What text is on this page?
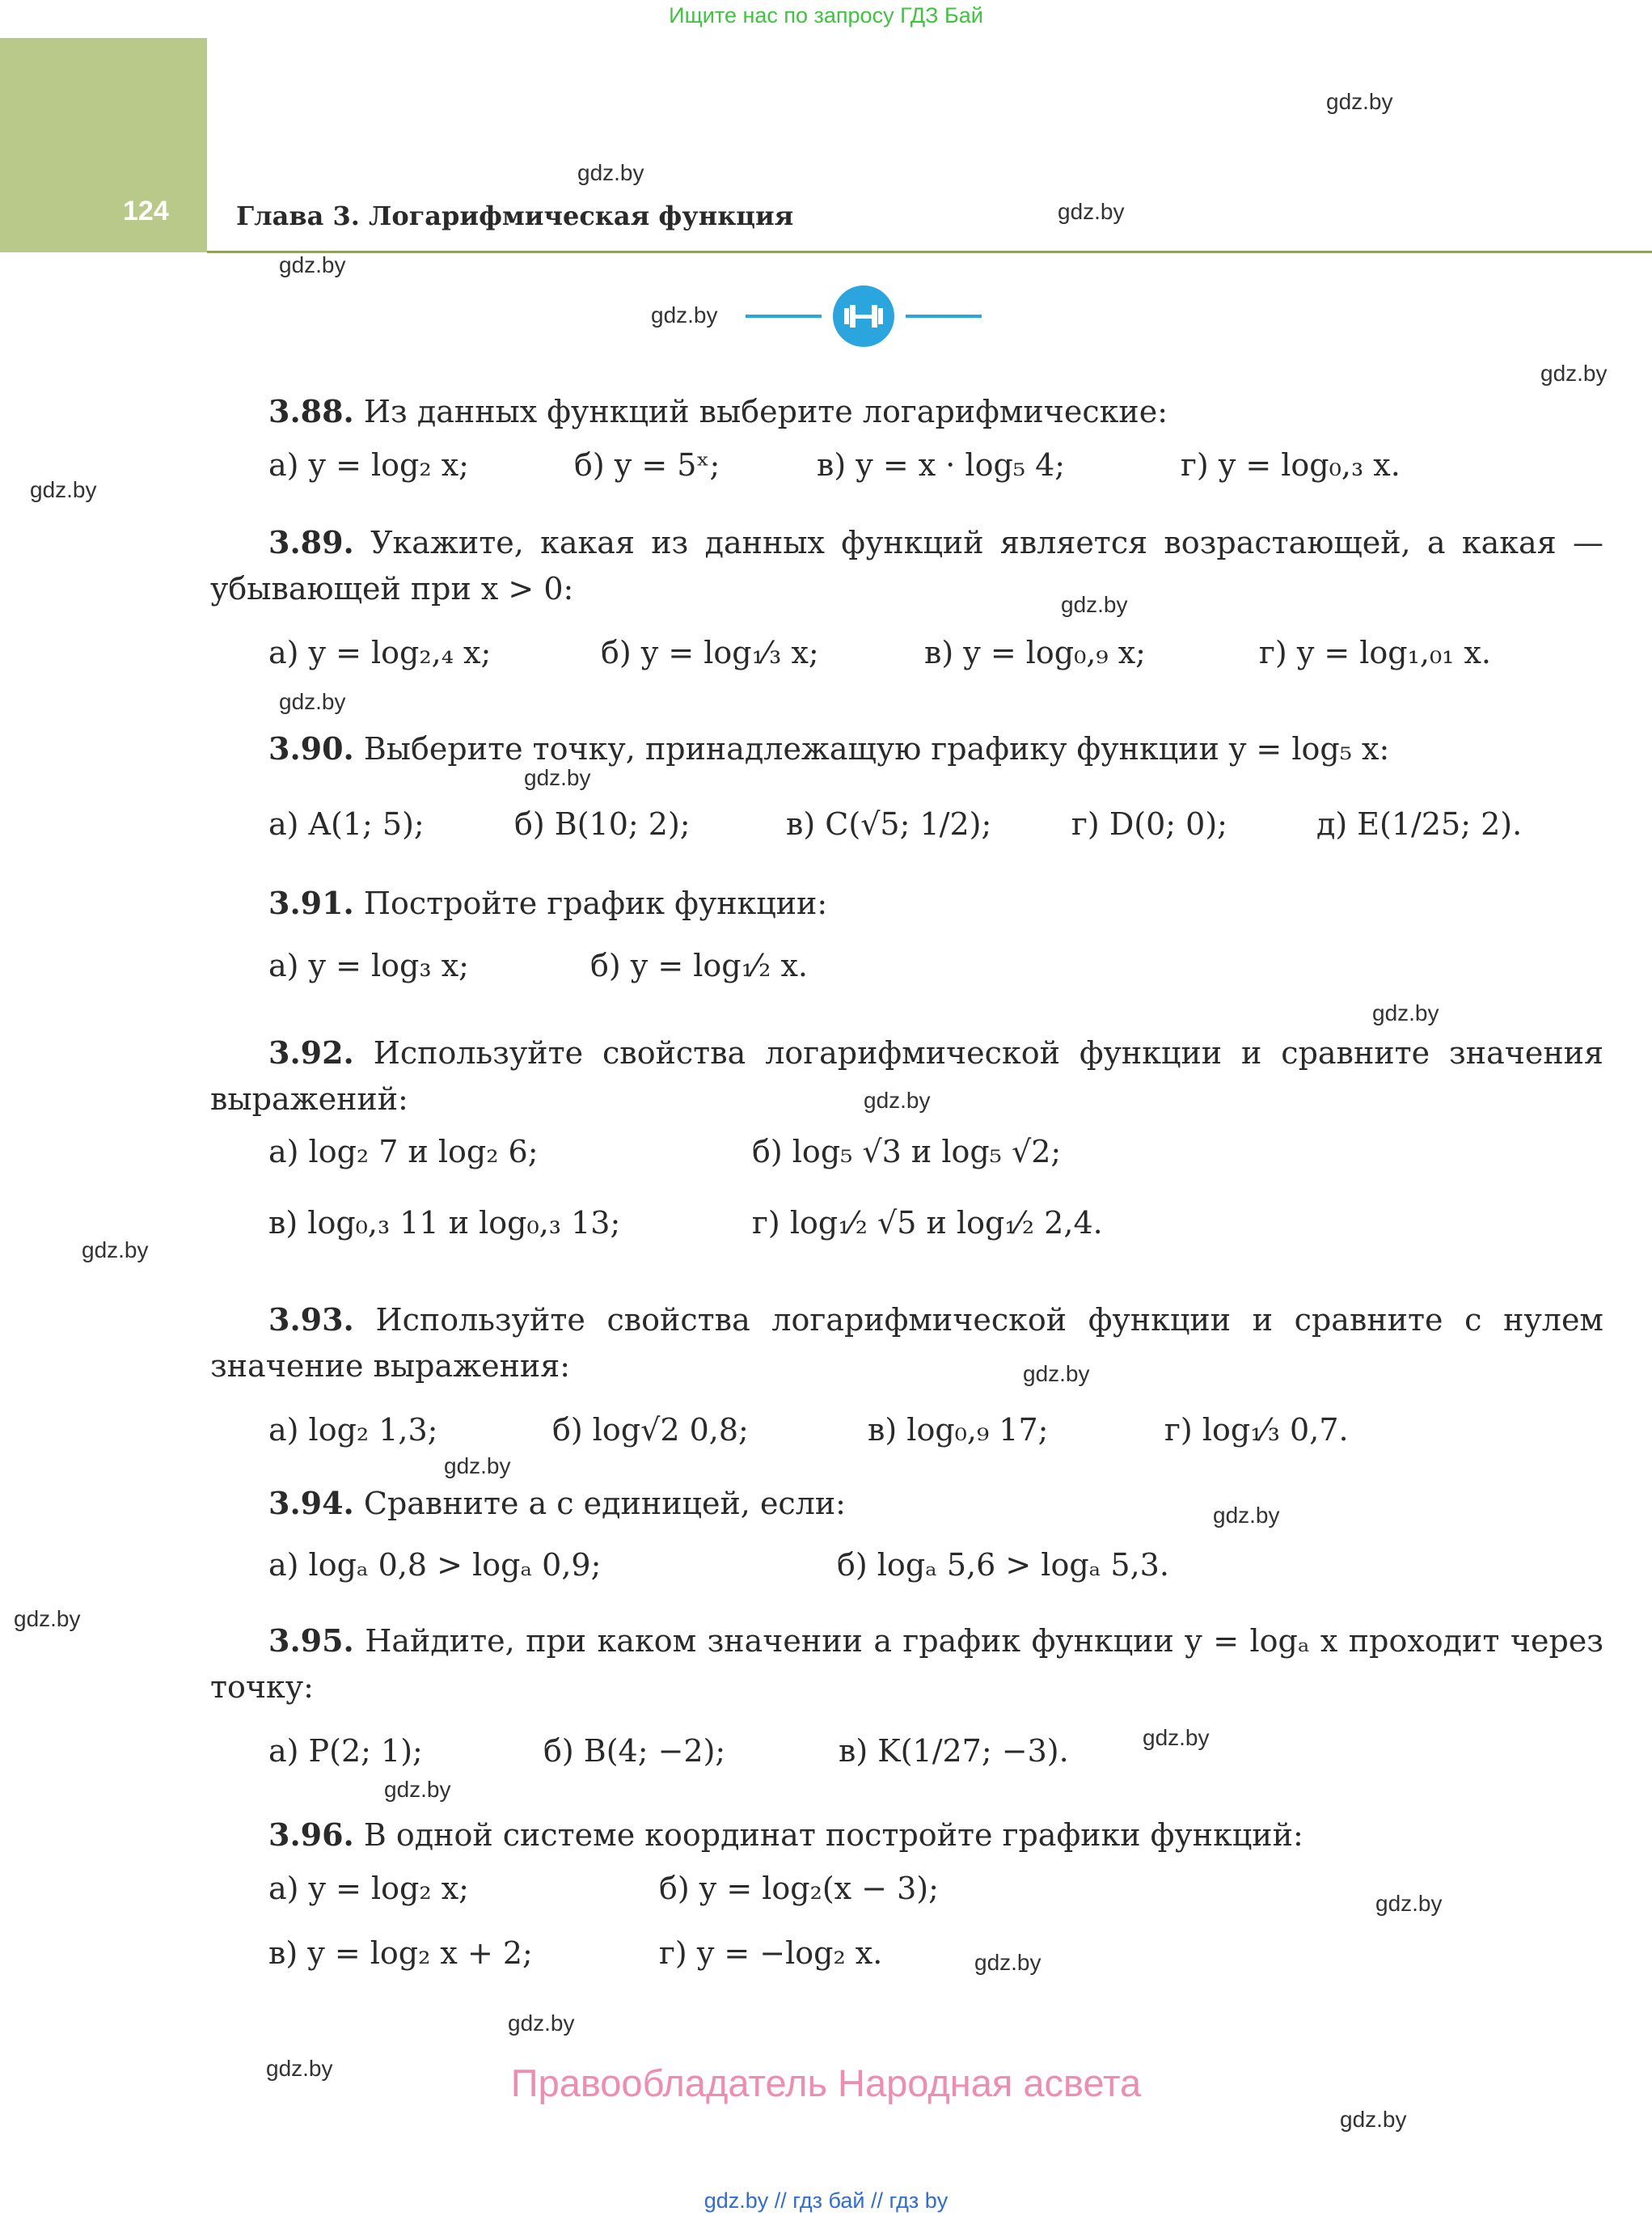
Ищите нас по запросу ГДЗ Бай
124	Глава 3. Логарифмическая функция
gdz.by
gdz.by
gdz.by
gdz.by
gdz.by
gdz.by
gdz.by
gdz.by
gdz.by
gdz.by
gdz.by
gdz.by
gdz.by
gdz.by
gdz.by
gdz.by
gdz.by
gdz.by
gdz.by
gdz.by
gdz.by
gdz.by
gdz.by
gdz.by
3.88. Из данных функций выберите логарифмические:
а) y = log₂ x;	б) y = 5ˣ;	в) y = x · log₅ 4;	г) y = log₀,₃ x.
3.89. Укажите, какая из данных функций является возрастающей, а какая — убывающей при x > 0:
а) y = log₂,₄ x;	б) y = log₁⁄₃ x;	в) y = log₀,₉ x;	г) y = log₁,₀₁ x.
3.90. Выберите точку, принадлежащую графику функции y = log₅ x:
а) A(1; 5);	б) B(10; 2);	в) C(√5; 1/2);	г) D(0; 0);	д) E(1/25; 2).
3.91. Постройте график функции:
а) y = log₃ x;	б) y = log₁⁄₂ x.
3.92. Используйте свойства логарифмической функции и сравните значения выражений:
а) log₂ 7 и log₂ 6;	б) log₅ √3 и log₅ √2;
в) log₀,₃ 11 и log₀,₃ 13;	г) log₁⁄₂ √5 и log₁⁄₂ 2,4.
3.93. Используйте свойства логарифмической функции и сравните с нулем значение выражения:
а) log₂ 1,3;	б) log√2 0,8;	в) log₀,₉ 17;	г) log₁⁄₃ 0,7.
3.94. Сравните a с единицей, если:
а) logₐ 0,8 > logₐ 0,9;	б) logₐ 5,6 > logₐ 5,3.
3.95. Найдите, при каком значении a график функции y = logₐ x проходит через точку:
а) P(2; 1);	б) B(4; −2);	в) K(1/27; −3).
3.96. В одной системе координат постройте графики функций:
а) y = log₂ x;	б) y = log₂(x − 3);
в) y = log₂ x + 2;	г) y = −log₂ x.
Правообладатель Народная асвета
gdz.by // гдз бай // гдз by
